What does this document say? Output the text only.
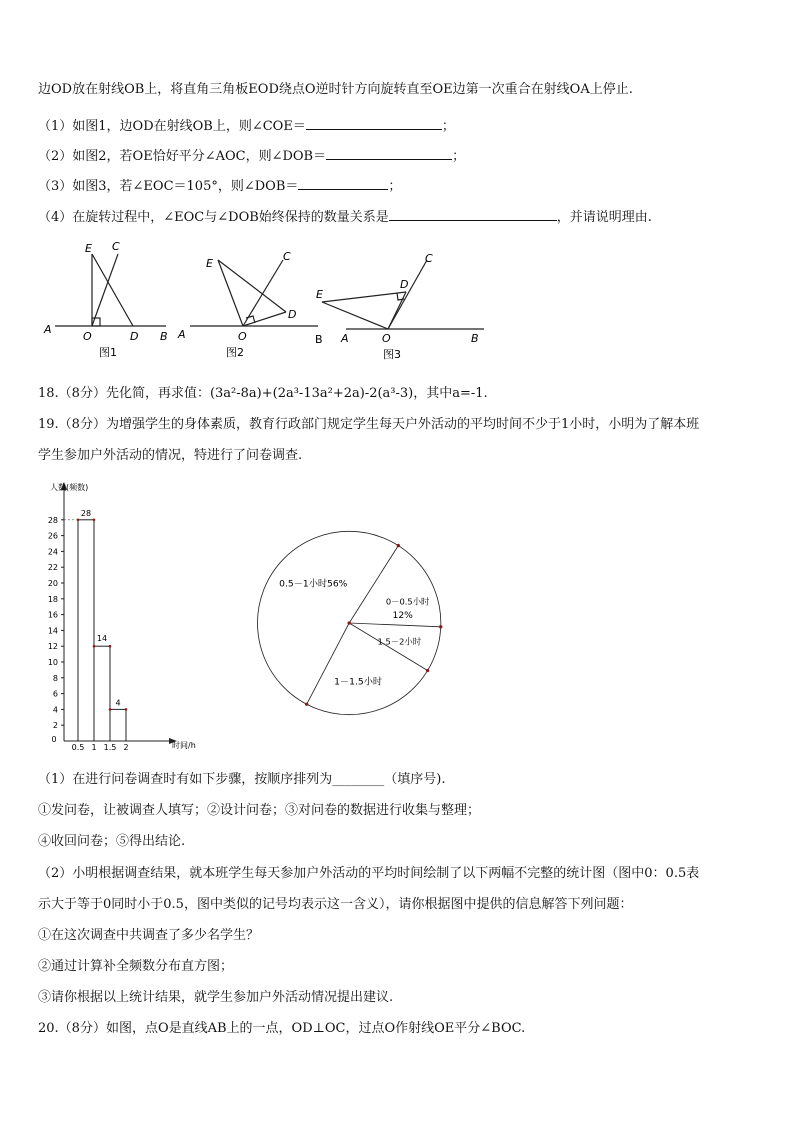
边OD放在射线OB上，将直角三角板EOD绕点O逆时针方向旋转直至OE边第一次重合在射线OA上停止.
（1）如图1，边OD在射线OB上，则∠COE＝	；
（2）如图2，若OE恰好平分∠AOC，则∠DOB＝	；
（3）如图3，若∠EOC＝105°，则∠DOB＝	；
（4）在旋转过程中，∠EOC与∠DOB始终保持的数量关系是	，并请说明理由.
A
E C
O	D B
图1
A
E
C
D
O	B
图2
E
D
C
A	O	B
图3
18.（8分）先化简，再求值：(3a²-8a)+(2a³-13a²+2a)-2(a³-3)，其中a=-1.
19.（8分）为增强学生的身体素质，教育行政部门规定学生每天户外活动的平均时间不少于1小时，小明为了解本班
学生参加户外活动的情况，特进行了问卷调查.
人数(频数)
时间/h
2
4
6
8
10
12
14
16
18
20
22
24
26
28
0
0.5 1 1.5 2
28
14
4
0.5－1小时56%
0－0.5小时
12%
1.5－2小时
1－1.5小时
（1）在进行问卷调查时有如下步骤，按顺序排列为________（填序号).
①发问卷，让被调查人填写；②设计问卷；③对问卷的数据进行收集与整理；
④收回问卷；⑤得出结论.
（2）小明根据调查结果，就本班学生每天参加户外活动的平均时间绘制了以下两幅不完整的统计图（图中0：0.5表
示大于等于0同时小于0.5，图中类似的记号均表示这一含义），请你根据图中提供的信息解答下列问题：
①在这次调查中共调查了多少名学生？
②通过计算补全频数分布直方图；
③请你根据以上统计结果，就学生参加户外活动情况提出建议.
20.（8分）如图，点O是直线AB上的一点，OD⊥OC，过点O作射线OE平分∠BOC.
